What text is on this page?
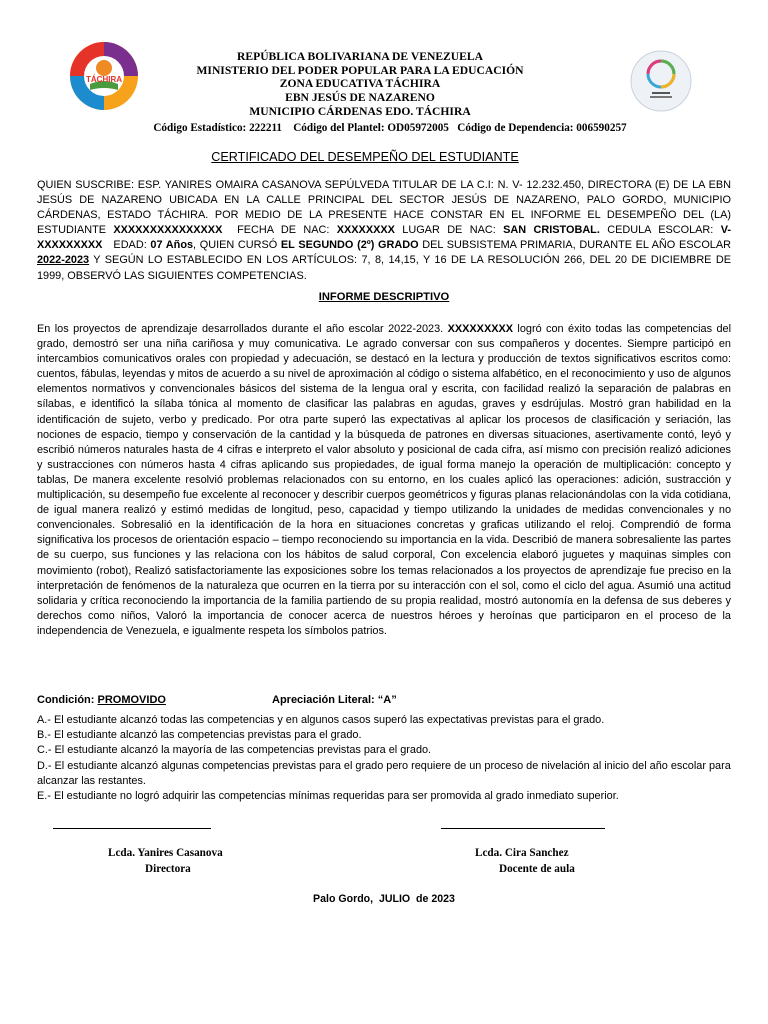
TÁCHIRA
REPÚBLICA BOLIVARIANA DE VENEZUELA
MINISTERIO DEL PODER POPULAR PARA LA EDUCACIÓN
ZONA EDUCATIVA TÁCHIRA
EBN JESÚS DE NAZARENO
MUNICIPIO CÁRDENAS EDO. TÁCHIRA
Código Estadístico: 222211    Código del Plantel: OD05972005   Código de Dependencia: 006590257
CERTIFICADO DEL DESEMPEÑO DEL ESTUDIANTE
QUIEN SUSCRIBE: ESP. YANIRES OMAIRA CASANOVA SEPÚLVEDA TITULAR DE LA C.I: N. V- 12.232.450, DIRECTORA (E) DE LA EBN JESÚS DE NAZARENO UBICADA EN LA CALLE PRINCIPAL DEL SECTOR JESÚS DE NAZARENO, PALO GORDO, MUNICIPIO CÁRDENAS, ESTADO TÁCHIRA. POR MEDIO DE LA PRESENTE HACE CONSTAR EN EL INFORME EL DESEMPEÑO DEL (LA) ESTUDIANTE XXXXXXXXXXXXXXX  FECHA DE NAC: XXXXXXXX LUGAR DE NAC: SAN CRISTOBAL. CEDULA ESCOLAR: V-   XXXXXXXXX   EDAD: 07 Años, QUIEN CURSÓ EL SEGUNDO (2º) GRADO DEL SUBSISTEMA PRIMARIA, DURANTE EL AÑO ESCOLAR 2022-2023 Y SEGÚN LO ESTABLECIDO EN LOS ARTÍCULOS: 7, 8, 14,15, Y 16 DE LA RESOLUCIÓN 266, DEL 20 DE DICIEMBRE DE 1999, OBSERVÓ LAS SIGUIENTES COMPETENCIAS.
INFORME DESCRIPTIVO
En los proyectos de aprendizaje desarrollados durante el año escolar 2022-2023. XXXXXXXXX logró con éxito todas las competencias del grado, demostró ser una niña cariñosa y muy comunicativa. Le agrado conversar con sus compañeros y docentes. Siempre participó en intercambios comunicativos orales con propiedad y adecuación, se destacó en la lectura y producción de textos significativos escritos como: cuentos, fábulas, leyendas y mitos de acuerdo a su nivel de aproximación al código o sistema alfabético, en el reconocimiento y uso de algunos elementos normativos y convencionales básicos del sistema de la lengua oral y escrita, con facilidad realizó la separación de palabras en sílabas, e identificó la sílaba tónica al momento de clasificar las palabras en agudas, graves y esdrújulas. Mostró gran habilidad en la identificación de sujeto, verbo y predicado. Por otra parte superó las expectativas al aplicar los procesos de clasificación y seriación, las nociones de espacio, tiempo y conservación de la cantidad y la búsqueda de patrones en diversas situaciones, asertivamente contó, leyó y escribió números naturales hasta de 4 cifras e interpreto el valor absoluto y posicional de cada cifra, así mismo con precisión realizó adiciones y sustracciones con números hasta 4 cifras aplicando sus propiedades, de igual forma manejo la operación de multiplicación: concepto y tablas, De manera excelente resolvió problemas relacionados con su entorno, en los cuales aplicó las operaciones: adición, sustracción y multiplicación, su desempeño fue excelente al reconocer y describir cuerpos geométricos y figuras planas relacionándolas con la vida cotidiana, de igual manera realizó y estimó medidas de longitud, peso, capacidad y tiempo utilizando la unidades de medidas convencionales y no convencionales. Sobresalió en la identificación de la hora en situaciones concretas y graficas utilizando el reloj. Comprendió de forma significativa los procesos de orientación espacio – tiempo reconociendo su importancia en la vida. Describió de manera sobresaliente las partes de su cuerpo, sus funciones y las relaciona con los hábitos de salud corporal, Con excelencia elaboró juguetes y maquinas simples con movimiento (robot), Realizó satisfactoriamente las exposiciones sobre los temas relacionados a los proyectos de aprendizaje fue preciso en la interpretación de fenómenos de la naturaleza que ocurren en la tierra por su interacción con el sol, como el ciclo del agua. Asumió una actitud solidaria y crítica reconociendo la importancia de la familia partiendo de su propia realidad, mostró autonomía en la defensa de sus deberes y derechos como niños, Valoró la importancia de conocer acerca de nuestros héroes y heroínas que participaron en el proceso de la independencia de Venezuela, e igualmente respeta los símbolos patrios.
Condición: PROMOVIDO	Apreciación Literal: “A”

A.- El estudiante alcanzó todas las competencias y en algunos casos superó las expectativas previstas para el grado.

B.- El estudiante alcanzó las competencias previstas para el grado.

C.- El estudiante alcanzó la mayoría de las competencias previstas para el grado.

D.- El estudiante alcanzó algunas competencias previstas para el grado pero requiere de un proceso de nivelación al inicio del año escolar para alcanzar las restantes.

E.- El estudiante no logró adquirir las competencias mínimas requeridas para ser promovida al grado inmediato superior.

Lcda. Yanires Casanova
Directora
Lcda. Cira Sanchez
Docente de aula
Palo Gordo,  JULIO  de 2023
